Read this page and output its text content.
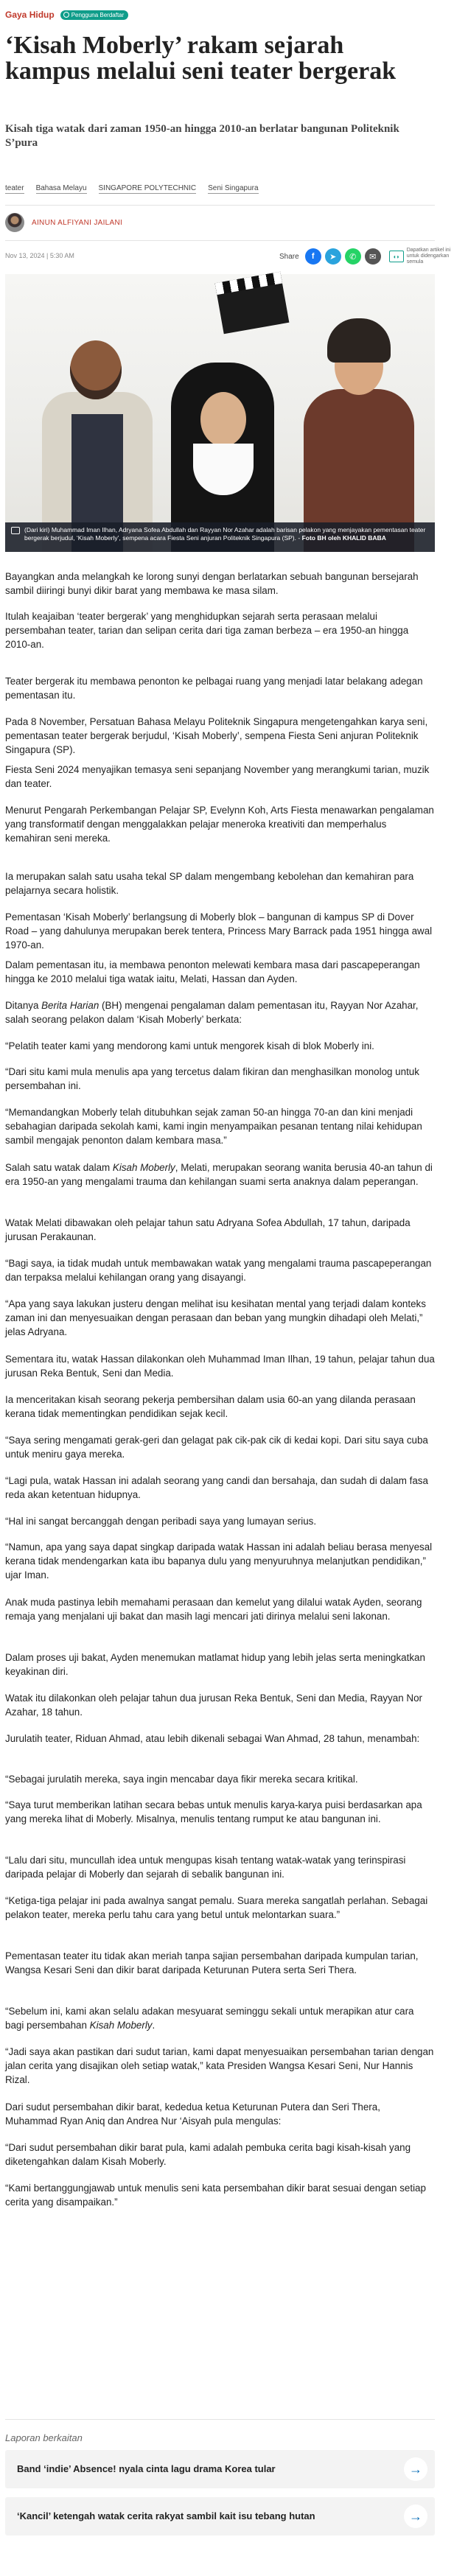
Gaya Hidup	Pengguna Berdaftar
‘Kisah Moberly’ rakam sejarah kampus melalui seni teater bergerak

Kisah tiga watak dari zaman 1950-an hingga 2010-an berlatar bangunan Politeknik S’pura

teater Bahasa Melayu SINGAPORE POLYTECHNIC Seni Singapura
AINUN ALFIYANI JAILANI
Nov 13, 2024 | 5:30 AM	Share	f	➤	✆	✉	◖◗
Dapatkan artikel ini untuk didengarkan semula
(Dari kiri) Muhammad Iman Ilhan, Adryana Sofea Abdullah dan Rayyan Nor Azahar adalah barisan pelakon yang menjayakan pementasan teater bergerak berjudul, ‘Kisah Moberly’, sempena acara Fiesta Seni anjuran Politeknik Singapura (SP). - Foto BH oleh KHALID BABA

Bayangkan anda melangkah ke lorong sunyi dengan berlatarkan sebuah bangunan bersejarah sambil diiringi bunyi dikir barat yang membawa ke masa silam.

Itulah keajaiban ‘teater bergerak’ yang menghidupkan sejarah serta perasaan melalui persembahan teater, tarian dan selipan cerita dari tiga zaman berbeza – era 1950-an hingga 2010-an.

Teater bergerak itu membawa penonton ke pelbagai ruang yang menjadi latar belakang adegan pementasan itu.

Pada 8 November, Persatuan Bahasa Melayu Politeknik Singapura mengetengahkan karya seni, pementasan teater bergerak berjudul, ‘Kisah Moberly’, sempena Fiesta Seni anjuran Politeknik Singapura (SP).

Fiesta Seni 2024 menyajikan temasya seni sepanjang November yang merangkumi tarian, muzik dan teater.

Menurut Pengarah Perkembangan Pelajar SP, Evelynn Koh, Arts Fiesta menawarkan pengalaman yang transformatif dengan menggalakkan pelajar meneroka kreativiti dan memperhalus kemahiran seni mereka.

Ia merupakan salah satu usaha tekal SP dalam mengembang kebolehan dan kemahiran para pelajarnya secara holistik.

Pementasan ‘Kisah Moberly’ berlangsung di Moberly blok – bangunan di kampus SP di Dover Road – yang dahulunya merupakan berek tentera, Princess Mary Barrack pada 1951 hingga awal 1970-an.

Dalam pementasan itu, ia membawa penonton melewati kembara masa dari pascapeperangan hingga ke 2010 melalui tiga watak iaitu, Melati, Hassan dan Ayden.

Ditanya Berita Harian (BH) mengenai pengalaman dalam pementasan itu, Rayyan Nor Azahar, salah seorang pelakon dalam ‘Kisah Moberly’ berkata:

“Pelatih teater kami yang mendorong kami untuk mengorek kisah di blok Moberly ini.

“Dari situ kami mula menulis apa yang tercetus dalam fikiran dan menghasilkan monolog untuk persembahan ini.

“Memandangkan Moberly telah ditubuhkan sejak zaman 50-an hingga 70-an dan kini menjadi sebahagian daripada sekolah kami, kami ingin menyampaikan pesanan tentang nilai kehidupan sambil mengajak penonton dalam kembara masa.”

Salah satu watak dalam Kisah Moberly, Melati, merupakan seorang wanita berusia 40-an tahun di era 1950-an yang mengalami trauma dan kehilangan suami serta anaknya dalam peperangan.

Watak Melati dibawakan oleh pelajar tahun satu Adryana Sofea Abdullah, 17 tahun, daripada jurusan Perakaunan.

“Bagi saya, ia tidak mudah untuk membawakan watak yang mengalami trauma pascapeperangan dan terpaksa melalui kehilangan orang yang disayangi.

“Apa yang saya lakukan justeru dengan melihat isu kesihatan mental yang terjadi dalam konteks zaman ini dan menyesuaikan dengan perasaan dan beban yang mungkin dihadapi oleh Melati,” jelas Adryana.

Sementara itu, watak Hassan dilakonkan oleh Muhammad Iman Ilhan, 19 tahun, pelajar tahun dua jurusan Reka Bentuk, Seni dan Media.

Ia menceritakan kisah seorang pekerja pembersihan dalam usia 60-an yang dilanda perasaan kerana tidak mementingkan pendidikan sejak kecil.

“Saya sering mengamati gerak-geri dan gelagat pak cik-pak cik di kedai kopi. Dari situ saya cuba untuk meniru gaya mereka.

“Lagi pula, watak Hassan ini adalah seorang yang candi dan bersahaja, dan sudah di dalam fasa reda akan ketentuan hidupnya.

“Hal ini sangat bercanggah dengan peribadi saya yang lumayan serius.

“Namun, apa yang saya dapat singkap daripada watak Hassan ini adalah beliau berasa menyesal kerana tidak mendengarkan kata ibu bapanya dulu yang menyuruhnya melanjutkan pendidikan,” ujar Iman.

Anak muda pastinya lebih memahami perasaan dan kemelut yang dilalui watak Ayden, seorang remaja yang menjalani uji bakat dan masih lagi mencari jati dirinya melalui seni lakonan.

Dalam proses uji bakat, Ayden menemukan matlamat hidup yang lebih jelas serta meningkatkan keyakinan diri.

Watak itu dilakonkan oleh pelajar tahun dua jurusan Reka Bentuk, Seni dan Media, Rayyan Nor Azahar, 18 tahun.

Jurulatih teater, Riduan Ahmad, atau lebih dikenali sebagai Wan Ahmad, 28 tahun, menambah:

“Sebagai jurulatih mereka, saya ingin mencabar daya fikir mereka secara kritikal.

“Saya turut memberikan latihan secara bebas untuk menulis karya-karya puisi berdasarkan apa yang mereka lihat di Moberly. Misalnya, menulis tentang rumput ke atau bangunan ini.

“Lalu dari situ, muncullah idea untuk mengupas kisah tentang watak-watak yang terinspirasi daripada pelajar di Moberly dan sejarah di sebalik bangunan ini.

“Ketiga-tiga pelajar ini pada awalnya sangat pemalu. Suara mereka sangatlah perlahan. Sebagai pelakon teater, mereka perlu tahu cara yang betul untuk melontarkan suara.”

Pementasan teater itu tidak akan meriah tanpa sajian persembahan daripada kumpulan tarian, Wangsa Kesari Seni dan dikir barat daripada Keturunan Putera serta Seri Thera.

“Sebelum ini, kami akan selalu adakan mesyuarat seminggu sekali untuk merapikan atur cara bagi persembahan Kisah Moberly.

“Jadi saya akan pastikan dari sudut tarian, kami dapat menyesuaikan persembahan tarian dengan jalan cerita yang disajikan oleh setiap watak,” kata Presiden Wangsa Kesari Seni, Nur Hannis Rizal.

Dari sudut persembahan dikir barat, kededua ketua Keturunan Putera dan Seri Thera, Muhammad Ryan Aniq dan Andrea Nur ‘Aisyah pula mengulas:

“Dari sudut persembahan dikir barat pula, kami adalah pembuka cerita bagi kisah-kisah yang diketengahkan dalam Kisah Moberly.

“Kami bertanggungjawab untuk menulis seni kata persembahan dikir barat sesuai dengan setiap cerita yang disampaikan.”

Laporan berkaitan
Band ‘indie’ Absence! nyala cinta lagu drama Korea tular	→
‘Kancil’ ketengah watak cerita rakyat sambil kait isu tebang hutan	→
